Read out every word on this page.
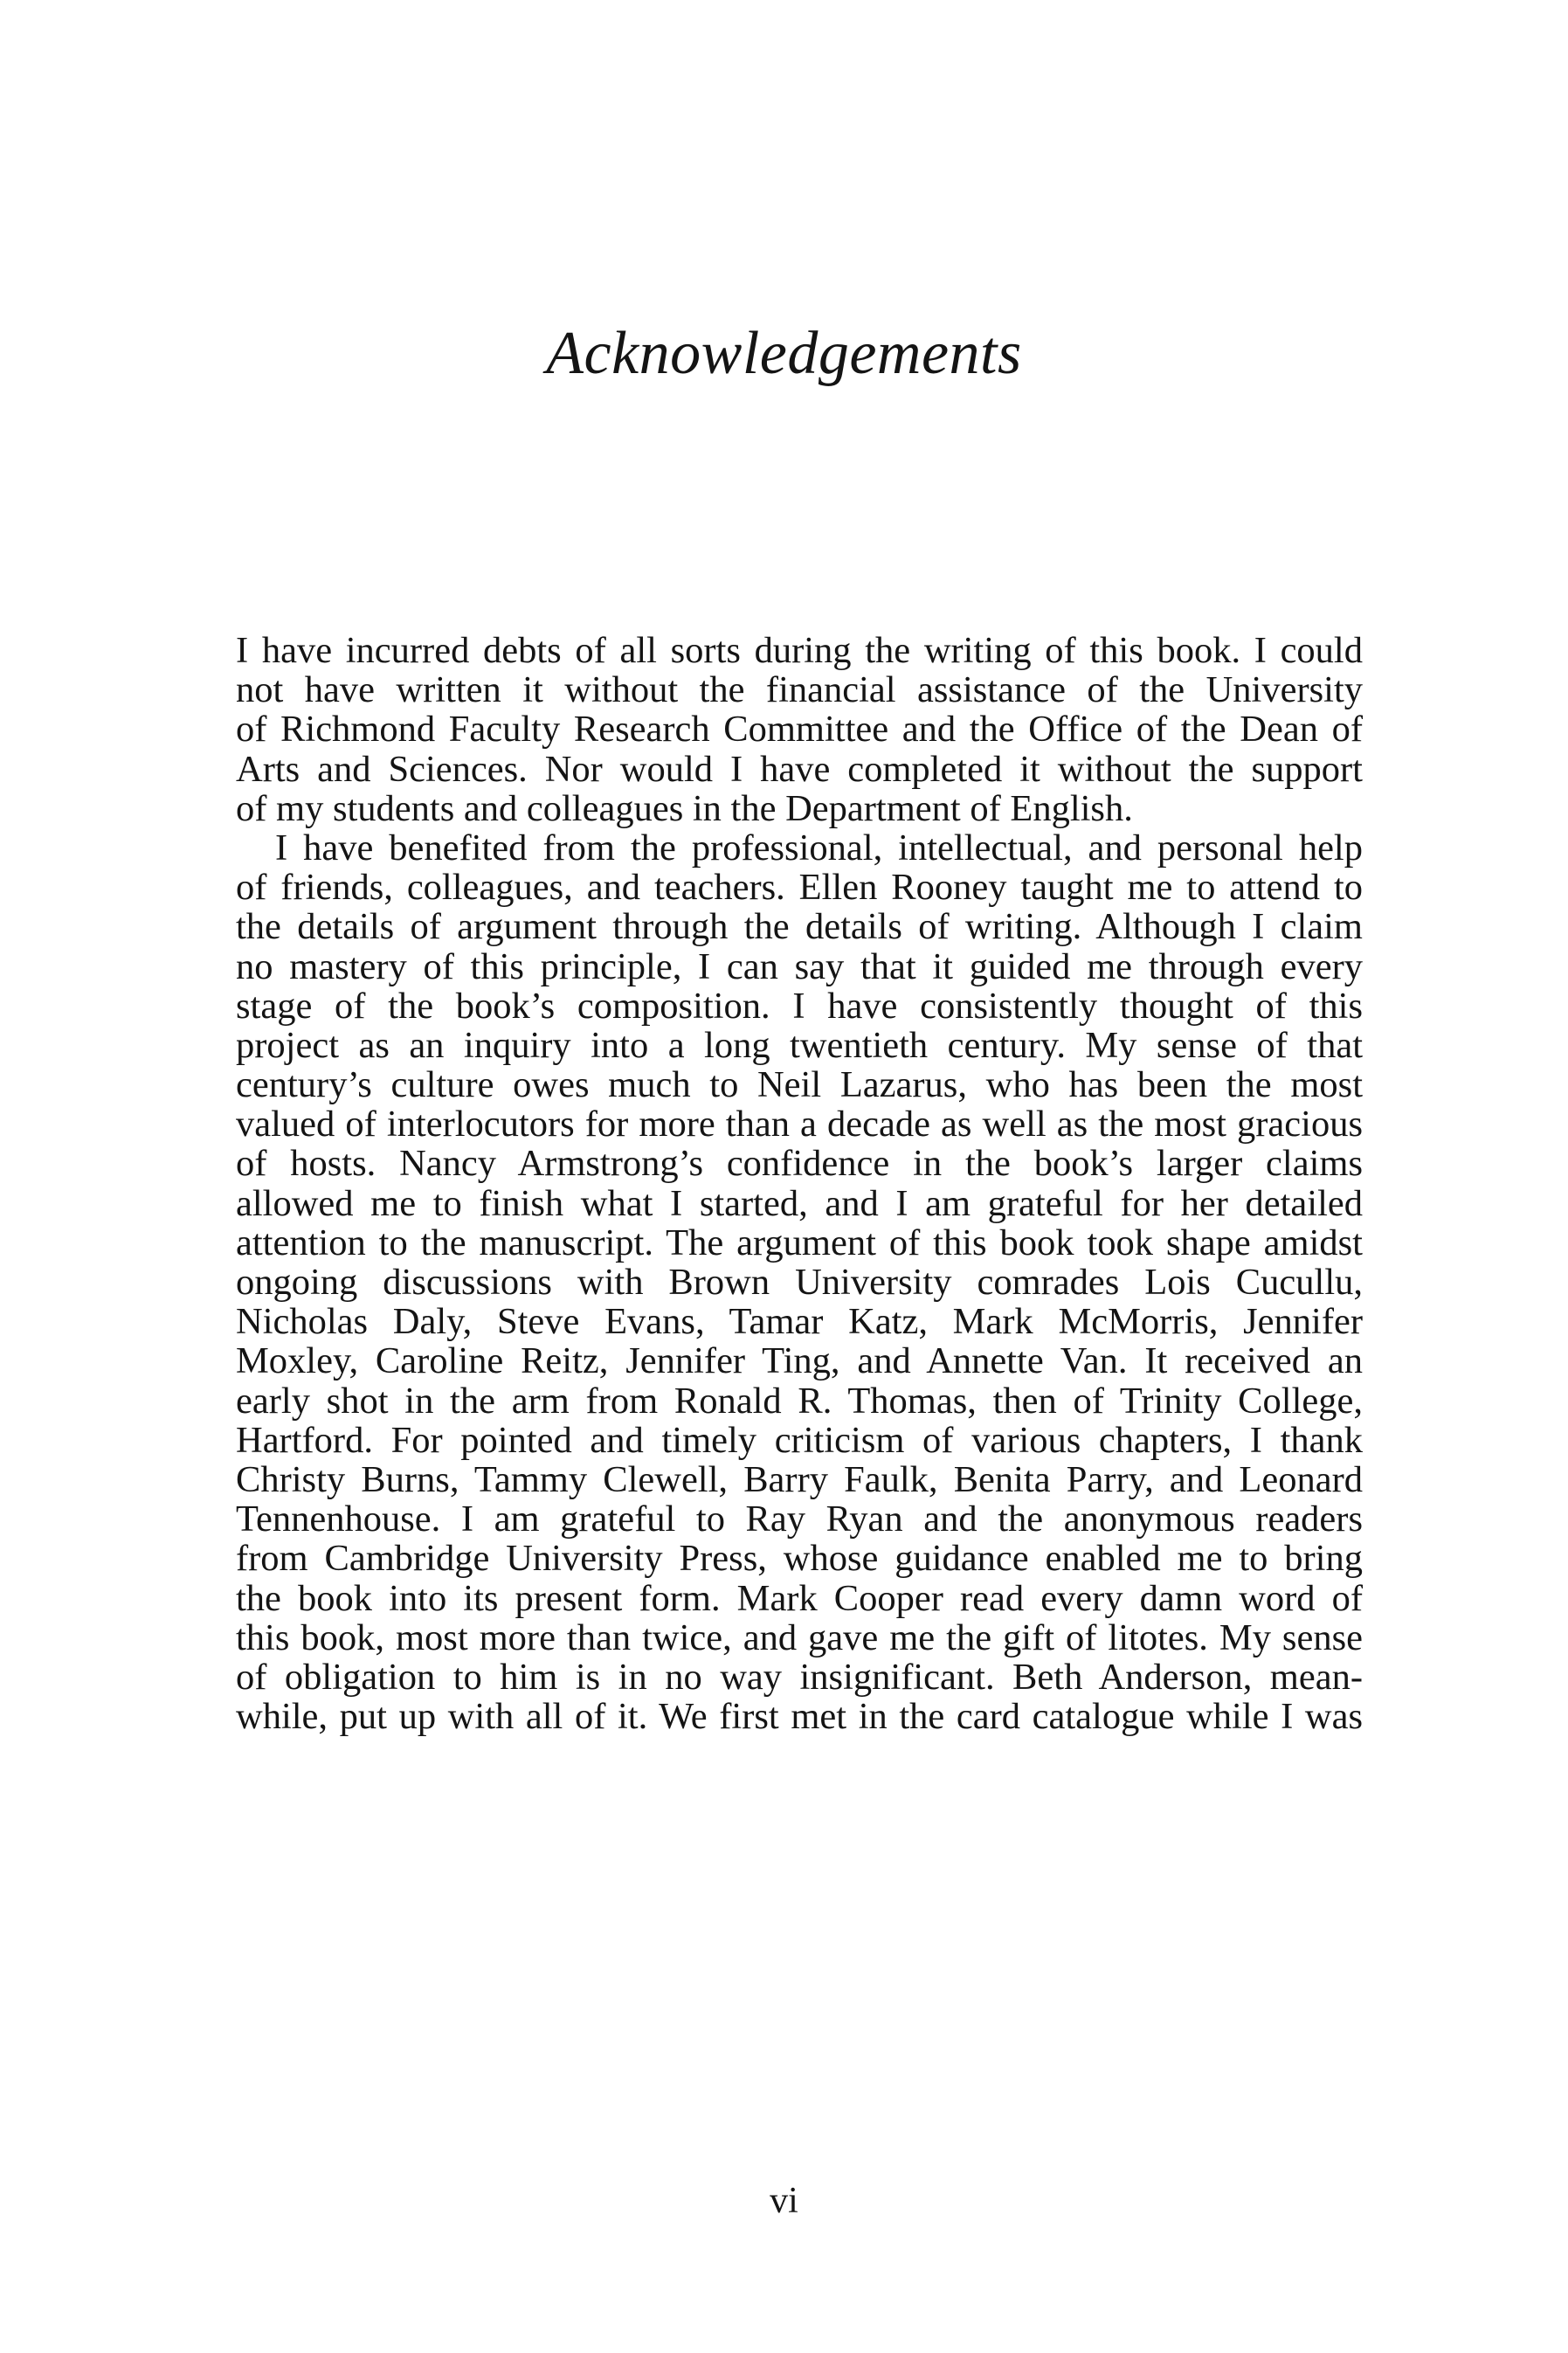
Acknowledgements
I have incurred debts of all sorts during the writing of this book. I could
not have written it without the financial assistance of the University
of Richmond Faculty Research Committee and the Office of the Dean of
Arts and Sciences. Nor would I have completed it without the support
of my students and colleagues in the Department of English.
I have benefited from the professional, intellectual, and personal help
of friends, colleagues, and teachers. Ellen Rooney taught me to attend to
the details of argument through the details of writing. Although I claim
no mastery of this principle, I can say that it guided me through every
stage of the book’s composition. I have consistently thought of this
project as an inquiry into a long twentieth century. My sense of that
century’s culture owes much to Neil Lazarus, who has been the most
valued of interlocutors for more than a decade as well as the most gracious
of hosts. Nancy Armstrong’s confidence in the book’s larger claims
allowed me to finish what I started, and I am grateful for her detailed
attention to the manuscript. The argument of this book took shape amidst
ongoing discussions with Brown University comrades Lois Cucullu,
Nicholas Daly, Steve Evans, Tamar Katz, Mark McMorris, Jennifer
Moxley, Caroline Reitz, Jennifer Ting, and Annette Van. It received an
early shot in the arm from Ronald R. Thomas, then of Trinity College,
Hartford. For pointed and timely criticism of various chapters, I thank
Christy Burns, Tammy Clewell, Barry Faulk, Benita Parry, and Leonard
Tennenhouse. I am grateful to Ray Ryan and the anonymous readers
from Cambridge University Press, whose guidance enabled me to bring
the book into its present form. Mark Cooper read every damn word of
this book, most more than twice, and gave me the gift of litotes. My sense
of obligation to him is in no way insignificant. Beth Anderson, mean-
while, put up with all of it. We first met in the card catalogue while I was
vi
